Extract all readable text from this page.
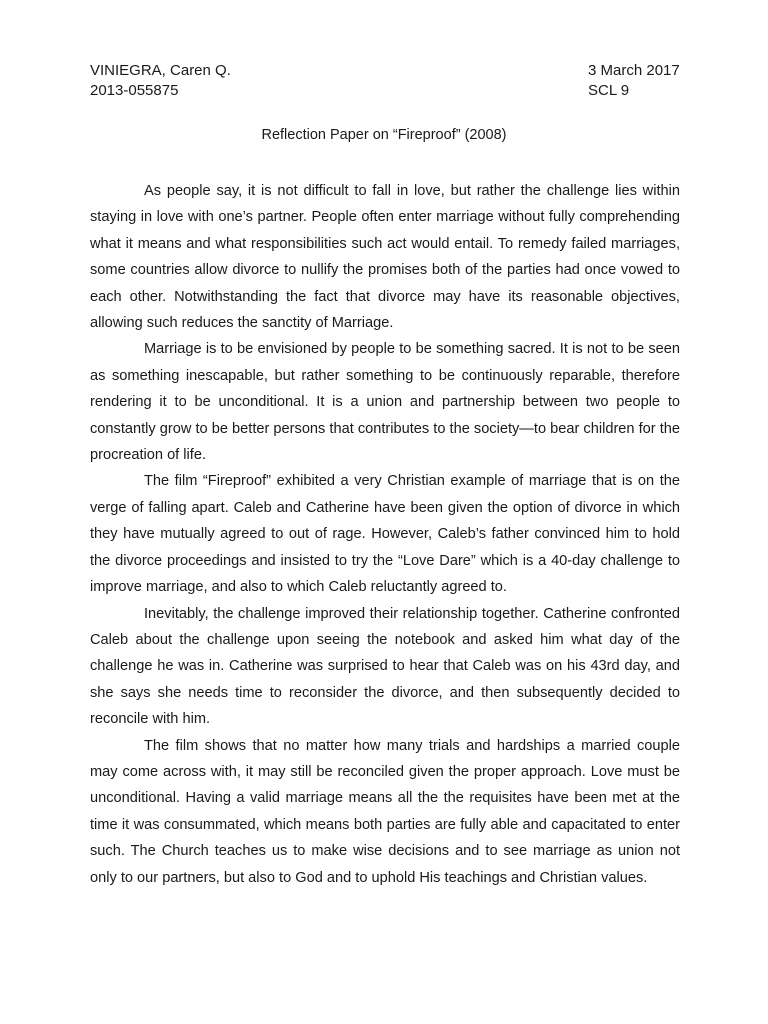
VINIEGRA, Caren Q.
2013-055875
3 March 2017
SCL 9
Reflection Paper on “Fireproof” (2008)

As people say, it is not difficult to fall in love, but rather the challenge lies within staying in love with one’s partner. People often enter marriage without fully comprehending what it means and what responsibilities such act would entail. To remedy failed marriages, some countries allow divorce to nullify the promises both of the parties had once vowed to each other. Notwithstanding the fact that divorce may have its reasonable objectives, allowing such reduces the sanctity of Marriage.

Marriage is to be envisioned by people to be something sacred. It is not to be seen as something inescapable, but rather something to be continuously reparable, therefore rendering it to be unconditional. It is a union and partnership between two people to constantly grow to be better persons that contributes to the society—to bear children for the procreation of life.

The film “Fireproof” exhibited a very Christian example of marriage that is on the verge of falling apart. Caleb and Catherine have been given the option of divorce in which they have mutually agreed to out of rage. However, Caleb’s father convinced him to hold the divorce proceedings and insisted to try the “Love Dare” which is a 40-day challenge to improve marriage, and also to which Caleb reluctantly agreed to.

Inevitably, the challenge improved their relationship together. Catherine confronted Caleb about the challenge upon seeing the notebook and asked him what day of the challenge he was in. Catherine was surprised to hear that Caleb was on his 43rd day, and she says she needs time to reconsider the divorce, and then subsequently decided to reconcile with him.

The film shows that no matter how many trials and hardships a married couple may come across with, it may still be reconciled given the proper approach. Love must be unconditional. Having a valid marriage means all the the requisites have been met at the time it was consummated, which means both parties are fully able and capacitated to enter such. The Church teaches us to make wise decisions and to see marriage as union not only to our partners, but also to God and to uphold His teachings and Christian values.
